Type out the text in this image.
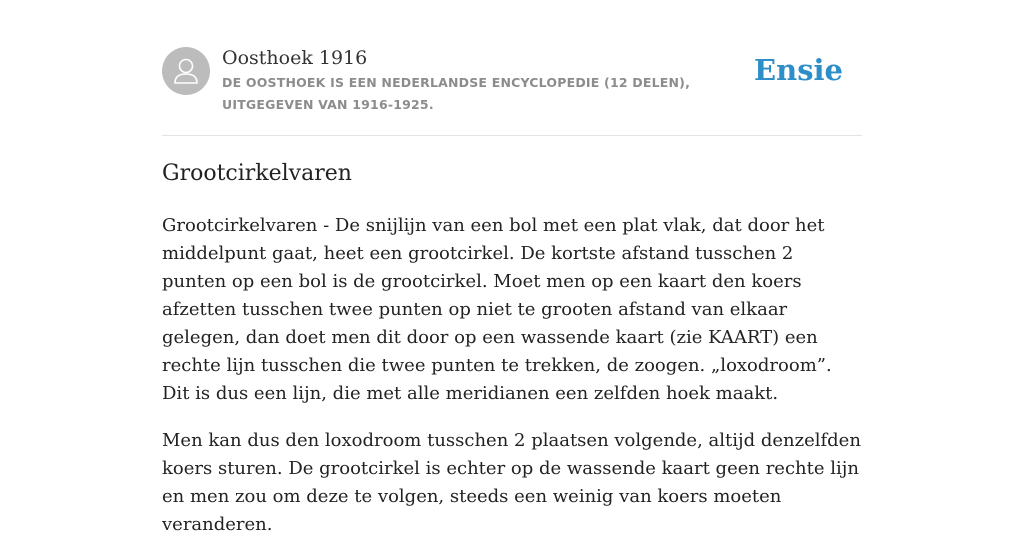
Oosthoek 1916
DE OOSTHOEK IS EEN NEDERLANDSE ENCYCLOPEDIE (12 DELEN), UITGEGEVEN VAN 1916-1925.
Ensie
Grootcirkelvaren

Grootcirkelvaren - De snijlijn van een bol met een plat vlak, dat door het middelpunt gaat, heet een grootcirkel. De kortste afstand tusschen 2 punten op een bol is de grootcirkel. Moet men op een kaart den koers afzetten tusschen twee punten op niet te grooten afstand van elkaar gelegen, dan doet men dit door op een wassende kaart (zie KAART) een rechte lijn tusschen die twee punten te trekken, de zoogen. „loxodroom”. Dit is dus een lijn, die met alle meridianen een zelfden hoek maakt.

Men kan dus den loxodroom tusschen 2 plaatsen volgende, altijd denzelfden koers sturen. De grootcirkel is echter op de wassende kaart geen rechte lijn en men zou om deze te volgen, steeds een weinig van koers moeten veranderen.
